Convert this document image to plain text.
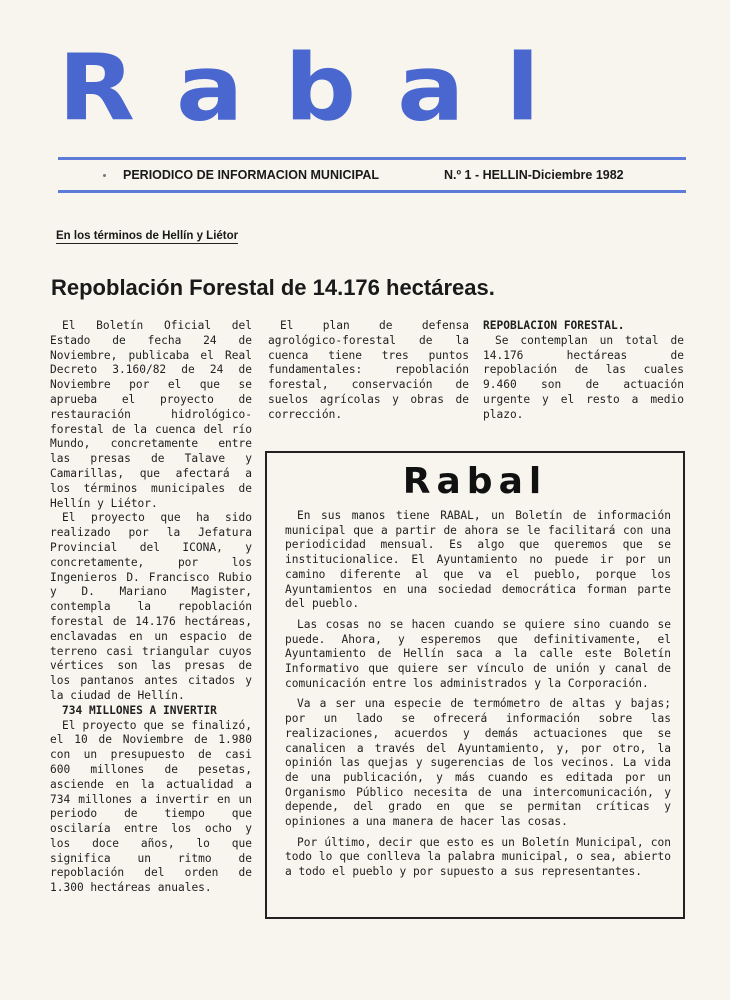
Rabal
PERIODICO DE INFORMACION MUNICIPAL	N.º 1 - HELLIN-Diciembre 1982
En los términos de Hellín y Liétor
Repoblación Forestal de 14.176 hectáreas.

El Boletín Oficial del Estado de fecha 24 de Noviembre, publicaba el Real Decreto 3.160/82 de 24 de Noviembre por el que se aprueba el proyecto de restauración hidrológico-forestal de la cuenca del río Mundo, concretamente entre las presas de Talave y Camarillas, que afectará a los términos municipales de Hellín y Liétor.

El proyecto que ha sido realizado por la Jefatura Provincial del ICONA, y concretamente, por los Ingenieros D. Francisco Rubio y D. Mariano Magister, contempla la repoblación forestal de 14.176 hectáreas, enclavadas en un espacio de terreno casi triangular cuyos vértices son las presas de los pantanos antes citados y la ciudad de Hellín.

734 MILLONES A INVERTIR

El proyecto que se finalizó, el 10 de Noviembre de 1.980 con un presupuesto de casi 600 millones de pesetas, asciende en la actualidad a 734 millones a invertir en un periodo de tiempo que oscilaría entre los ocho y los doce años, lo que significa un ritmo de repoblación del orden de 1.300 hectáreas anuales.

El plan de defensa agrológico-forestal de la cuenca tiene tres puntos fundamentales: repoblación forestal, conservación de suelos agrícolas y obras de corrección.

REPOBLACION FORESTAL.

Se contemplan un total de 14.176 hectáreas de repoblación de las cuales 9.460 son de actuación urgente y el resto a medio plazo.

Rabal

En sus manos tiene RABAL, un Boletín de información municipal que a partir de ahora se le facilitará con una periodicidad mensual. Es algo que queremos que se institucionalice. El Ayuntamiento no puede ir por un camino diferente al que va el pueblo, porque los Ayuntamientos en una sociedad democrática forman parte del pueblo.

Las cosas no se hacen cuando se quiere sino cuando se puede. Ahora, y esperemos que definitivamente, el Ayuntamiento de Hellín saca a la calle este Boletín Informativo que quiere ser vínculo de unión y canal de comunicación entre los administrados y la Corporación.

Va a ser una especie de termómetro de altas y bajas; por un lado se ofrecerá información sobre las realizaciones, acuerdos y demás actuaciones que se canalicen a través del Ayuntamiento, y, por otro, la opinión las quejas y sugerencias de los vecinos. La vida de una publicación, y más cuando es editada por un Organismo Público necesita de una intercomunicación, y depende, del grado en que se permitan críticas y opiniones a una manera de hacer las cosas.

Por último, decir que esto es un Boletín Municipal, con todo lo que conlleva la palabra municipal, o sea, abierto a todo el pueblo y por supuesto a sus representantes.
